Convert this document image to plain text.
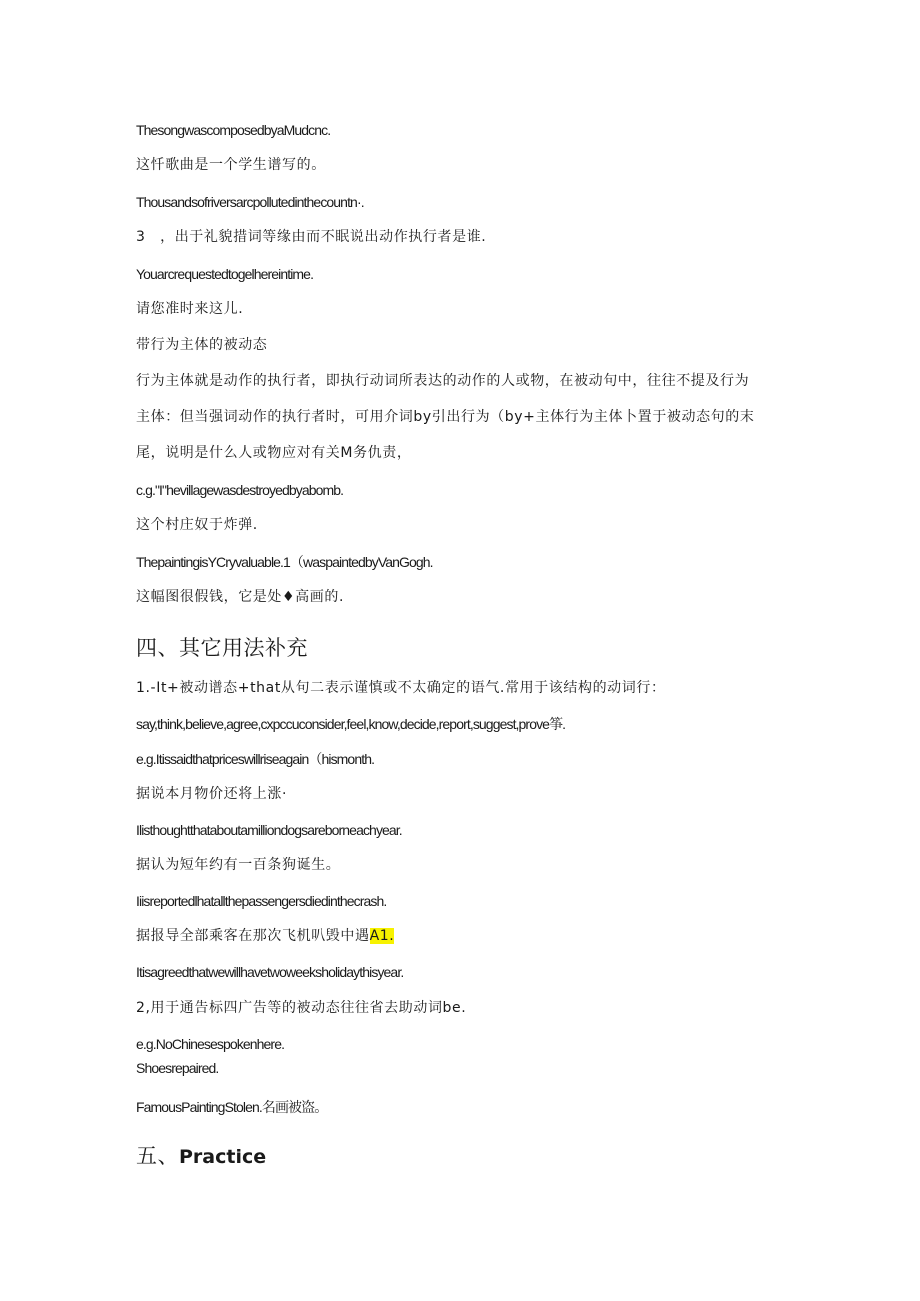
ThesongwascomposedbyaMudcnc.
这忏歌曲是一个学生谱写的。
Thousandsofriversarcpollutedinthecountn·.
3　，出于礼貌措词等缘由而不眠说出动作执行者是谁.
Youarcrequestedtogelhereintime.
请您准时来这儿.
带行为主体的被动态
行为主体就是动作的执行者，即执行动词所表达的动作的人或物，在被动句中，往往不提及行为
主体：但当强词动作的执行者时，可用介词by引出行为（by+主体行为主体卜置于被动态句的末
尾，说明是什么人或物应对有关M务仇责，
c.g."I"hevillagewasdestroyedbyabomb.
这个村庄奴于炸弹.
ThepaintingisYCryvaluable.1（waspaintedbyVanGogh.
这幅图很假钱，它是处♦高画的.
四、其它用法补充
1.-It+被动谱态+that从句二表示谨慎或不太确定的语气.常用于该结构的动词行：
say,think,believe,agree,cxpccuconsider,feel,know,decide,report,suggest,prove筝.
e.g.Itissaidthatpriceswillriseagain（hismonth.
据说本月物价还将上涨·
Ilisthoughtthataboutamilliondogsareborneachyear.
据认为短年约有一百条狗诞生。
Iiisreportedlhatallthepassengersdiedinthecrash.
据报导全部乘客在那次飞机叭毁中遇A1.
Itisagreedthatwewillhavetwoweeksholidaythisyear.
2,用于通告标四广告等的被动态往往省去助动词be.
e.g.NoChinesespokenhere.
Shoesrepaired.
FamousPaintingStolen.名画被盗。
五、Practice
